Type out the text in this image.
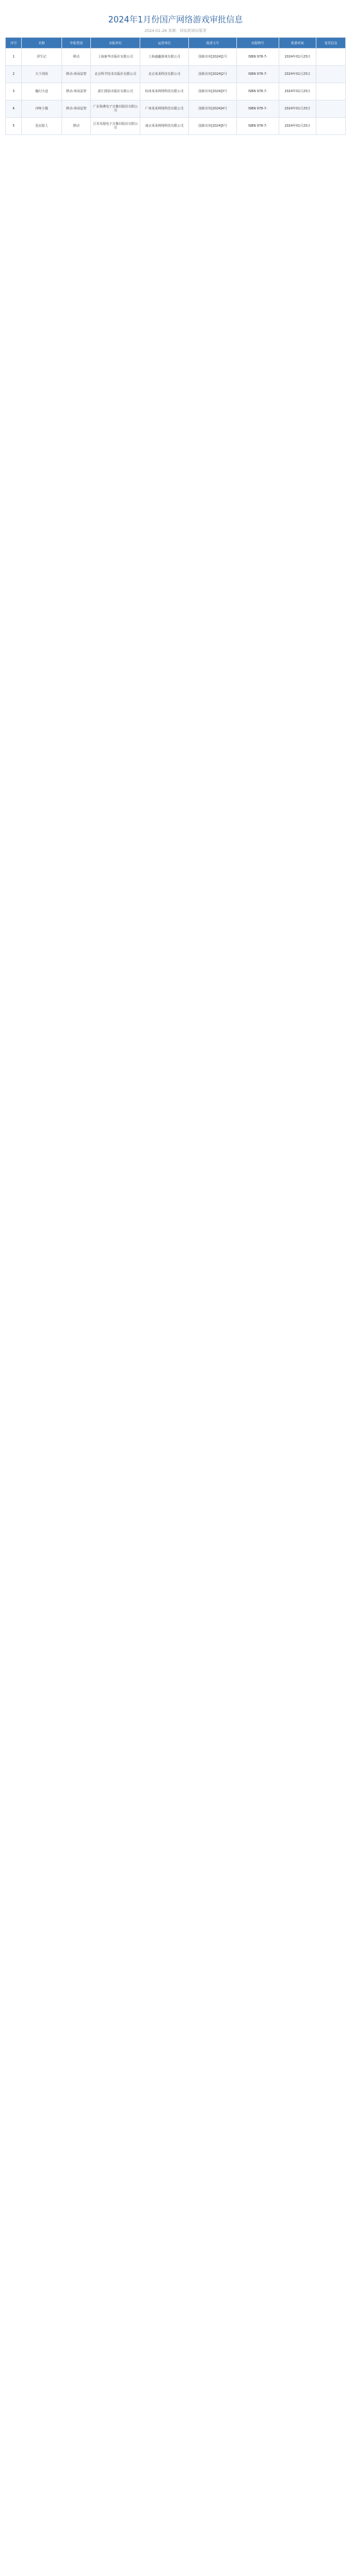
2024年1月份国产网络游戏审批信息
2024-01-26 来源：国家新闻出版署
序号	名称	申报类别	出版单位	运营单位	批准文号	出版物号	批准时间	变更信息
1	浮生记	移动	上海新华出版社有限公司	上海盛趣游戏有限公司	国新出审[2024]1号	ISBN 978-7-	2024年01月25日	
2	天下剑侠	移动-休闲益智	北京科学技术出版社有限公司	北京某某科技有限公司	国新出审[2024]2号	ISBN 978-7-	2024年01月25日	
3	魔幻天途	移动-休闲益智	浙江摄影出版社有限公司	杭州某某网络科技有限公司	国新出审[2024]3号	ISBN 978-7-	2024年01月25日	
4	冲呀小猫	移动-休闲益智	广东海燕电子音像出版社有限公司	广州某某网络科技有限公司	国新出审[2024]4号	ISBN 978-7-	2024年01月25日	
5	星辰旅人	移动	江苏凤凰电子音像出版社有限公司	南京某某网络科技有限公司	国新出审[2024]5号	ISBN 978-7-	2024年01月25日	
